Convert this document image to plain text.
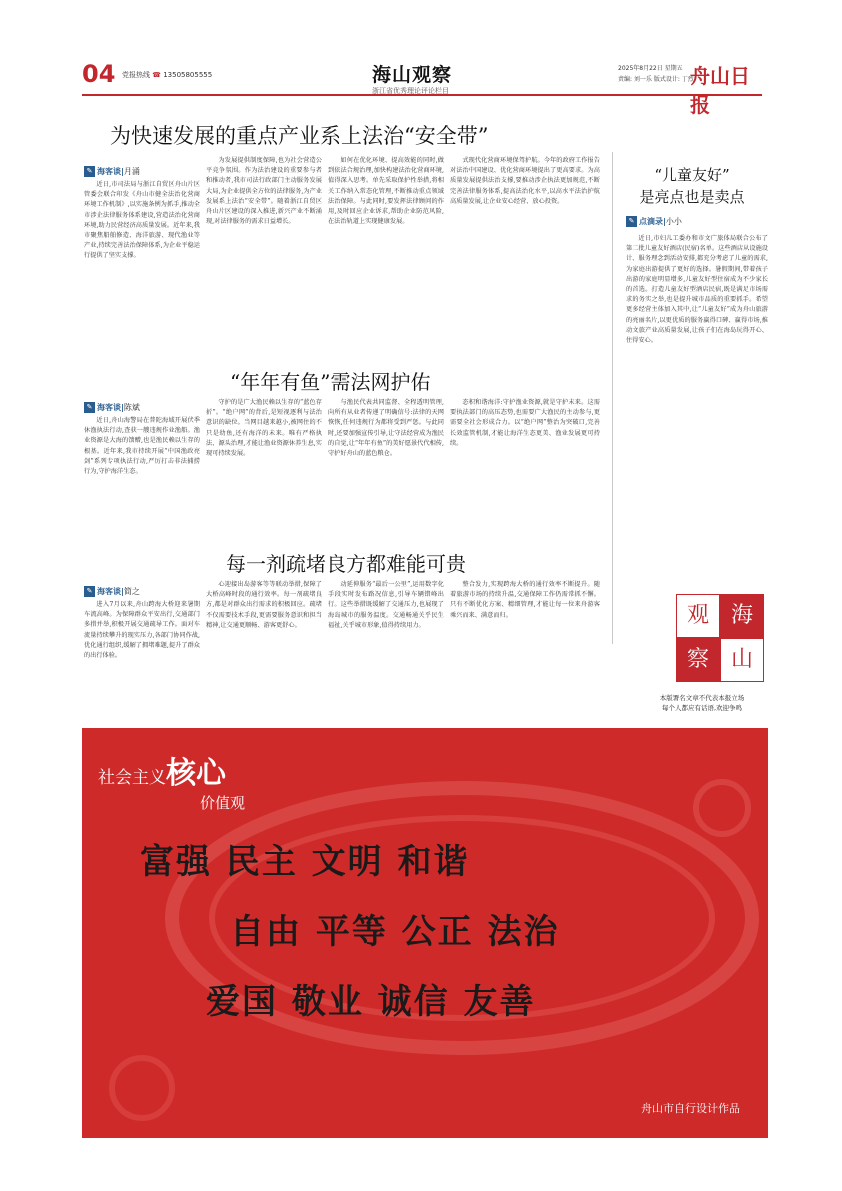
04 党报热线 ☎ 13505805555	海山观察
浙江省优秀理论评论栏目
2025年8月22日 星期五
责编: 刘一乐 版式设计: 丁烈
舟山日报
为快速发展的重点产业系上法治“安全带”
✎ 海客谈|月涌

近日,市司法局与浙江自贸区舟山片区管委会联合印发《舟山市健全法治化营商环境工作机制》,以实施条例为抓手,推动全市涉企法律服务体系建设,营造法治化营商环境,助力民营经济高质量发展。近年来,我市聚焦船舶修造、海洋旅游、现代渔业等产业,持续完善法治保障体系,为企业平稳运行提供了坚实支撑。

为发展提供制度保障,也为社会营造公平竞争氛围。作为法治建设的重要参与者和推动者,我市司法行政部门主动服务发展大局,为企业提供全方位的法律服务,为产业发展系上法治“安全带”。随着浙江自贸区舟山片区建设的深入推进,新兴产业不断涌现,对法律服务的需求日益增长。

如何在优化环境、提高效能的同时,做到依法合规治理,加快构建法治化营商环境,值得深入思考。单先采取保护性举措,将相关工作纳入常态化管理,不断推动重点领域法治保障。与此同时,要发挥法律顾问的作用,及时回应企业诉求,帮助企业防范风险,在法治轨道上实现健康发展。

式现代化营商环境保驾护航。今年的政府工作报告对法治中国建设、优化营商环境提出了更高要求。为高质量发展提供法治支撑,要推动涉企执法更加规范,不断完善法律服务体系,提高法治化水平,以高水平法治护航高质量发展,让企业安心经营、放心投资。

“年年有鱼”需法网护佑
✎ 海客谈|陈斌

近日,舟山海警局在普陀海域开展伏季休渔执法行动,查获一艘违规作业渔船。渔业资源是大海的馈赠,也是渔民赖以生存的根基。近年来,我市持续开展“中国渔政亮剑”系列专项执法行动,严厉打击非法捕捞行为,守护海洋生态。

守护的是广大渔民赖以生存的“蓝色存折”。“绝户网”的背后,是短视逐利与法治意识的缺位。当网目越来越小,被网住的不只是幼鱼,还有海洋的未来。唯有严格执法、源头治理,才能让渔业资源休养生息,实现可持续发展。

与渔民代表共同监督、全程透明管理,向所有从业者传递了明确信号:法律的天网恢恢,任何违规行为都将受到严惩。与此同时,还要加强宣传引导,让守法经营成为渔民的自觉,让“年年有鱼”的美好愿景代代相传,守护好舟山的蓝色粮仓。

态积和谐海洋:守护渔业资源,就是守护未来。这需要执法部门的高压态势,也需要广大渔民的主动参与,更需要全社会形成合力。以“绝户网”整治为突破口,完善长效监管机制,才能让海洋生态更美、渔业发展更可持续。

每一剂疏堵良方都难能可贵
✎ 海客谈|简之

进入7月以来,舟山跨海大桥迎来暑期车流高峰。为保障群众平安出行,交通部门多措并举,积极开展交通疏导工作。面对车流量持续攀升的现实压力,各部门协同作战,优化通行组织,缓解了拥堵难题,提升了群众的出行体验。

心迎接出岛游客等等联动举措,保障了大桥高峰时段的通行效率。每一剂疏堵良方,都是对群众出行需求的积极回应。疏堵不仅需要技术手段,更需要服务意识和担当精神,让交通更顺畅、游客更舒心。

动延伸服务“最后一公里”,运用数字化手段实时发布路况信息,引导车辆错峰出行。这些举措既缓解了交通压力,也展现了海岛城市的服务温度。交通畅通关乎民生福祉,关乎城市形象,值得持续用力。

整合发力,实现跨海大桥的通行效率不断提升。随着旅游市场的持续升温,交通保障工作仍需常抓不懈。只有不断优化方案、精细管理,才能让每一位来舟游客乘兴而来、满意而归。

“儿童友好”
是亮点也是卖点
✎ 点滴录|小小

近日,市妇儿工委办和市文广旅体局联合公布了第二批儿童友好酒店(民宿)名单。这些酒店从设施设计、服务理念到活动安排,都充分考虑了儿童的需求,为家庭出游提供了更好的选择。暑假期间,带着孩子出游的家庭明显增多,儿童友好型住宿成为不少家长的首选。打造儿童友好型酒店民宿,既是满足市场需求的务实之举,也是提升城市品质的重要抓手。希望更多经营主体加入其中,让“儿童友好”成为舟山旅游的亮丽名片,以更优质的服务赢得口碑、赢得市场,推动文旅产业高质量发展,让孩子们在海岛玩得开心、住得安心。

观 海
察 山
本版署名文章不代表本报立场
每个人都应有话语,欢迎争鸣
社会主义核心
价值观
富强 民主 文明 和谐
自由 平等 公正 法治
爱国 敬业 诚信 友善
舟山市自行设计作品
